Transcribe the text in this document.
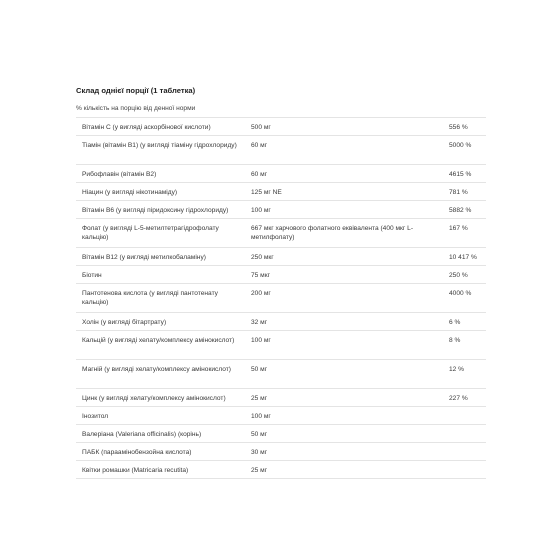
Склад однієї порції (1 таблетка)
% кількість на порцію від денної норми
Вітамін С (у вигляді аскорбінової кислоти)	500 мг	556 %

Тіамін (вітамін В1) (у вигляді тіаміну гідрохлориду)	60 мг	5000 %

Рибофлавін (вітамін В2)	60 мг	4615 %

Ніацин (у вигляді нікотинаміду)	125 мг NE	781 %

Вітамін В6 (у вигляді піридоксину гідрохлориду)	100 мг	5882 %

Фолат (у вигляді L-5-метилтетрагідрофолату кальцію)	667 мкг харчового фолатного еквівалента (400 мкг L-метилфолату)	167 %

Вітамін В12 (у вигляді метилкобаламіну)	250 мкг	10 417 %

Біотин	75 мкг	250 %

Пантотенова кислота (у вигляді пантотенату кальцію)	200 мг	4000 %

Холін (у вигляді бітартрату)	32 мг	6 %

Кальцій (у вигляді хелату/комплексу амінокислот)	100 мг	8 %

Магній (у вигляді хелату/комплексу амінокислот)	50 мг	12 %

Цинк (у вигляді хелату/комплексу амінокислот)	25 мг	227 %

Інозитол	100 мг	

Валеріана (Valeriana officinalis) (корінь)	50 мг	

ПАБК (параамінобензойна кислота)	30 мг	

Квітки ромашки (Matricaria recutita)	25 мг	
